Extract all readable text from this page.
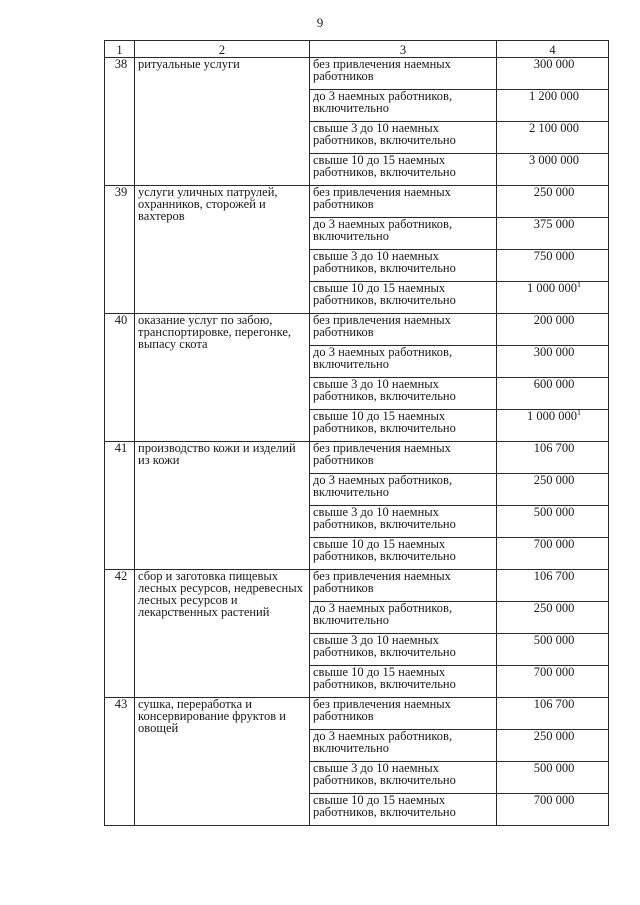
9
1	2	3	4
38	ритуальные услуги	без привлечения наемных работников	300 000
		до 3 наемных работников, включительно	1 200 000
		свыше 3 до 10 наемных работников, включительно	2 100 000
		свыше 10 до 15 наемных работников, включительно	3 000 000
39	услуги уличных патрулей, охранников, сторожей и вахтеров	без привлечения наемных работников	250 000
		до 3 наемных работников, включительно	375 000
		свыше 3 до 10 наемных работников, включительно	750 000
		свыше 10 до 15 наемных работников, включительно	1 000 000$^1$
40	оказание услуг по забою, транспортировке, перегонке, выпасу скота	без привлечения наемных работников	200 000
		до 3 наемных работников, включительно	300 000
		свыше 3 до 10 наемных работников, включительно	600 000
		свыше 10 до 15 наемных работников, включительно	1 000 000$^1$
41	производство кожи и изделий из кожи	без привлечения наемных работников	106 700
		до 3 наемных работников, включительно	250 000
		свыше 3 до 10 наемных работников, включительно	500 000
		свыше 10 до 15 наемных работников, включительно	700 000
42	сбор и заготовка пищевых лесных ресурсов, недревесных лесных ресурсов и лекарственных растений	без привлечения наемных работников	106 700
		до 3 наемных работников, включительно	250 000
		свыше 3 до 10 наемных работников, включительно	500 000
		свыше 10 до 15 наемных работников, включительно	700 000
43	сушка, переработка и консервирование фруктов и овощей	без привлечения наемных работников	106 700
		до 3 наемных работников, включительно	250 000
		свыше 3 до 10 наемных работников, включительно	500 000
		свыше 10 до 15 наемных работников, включительно	700 000
